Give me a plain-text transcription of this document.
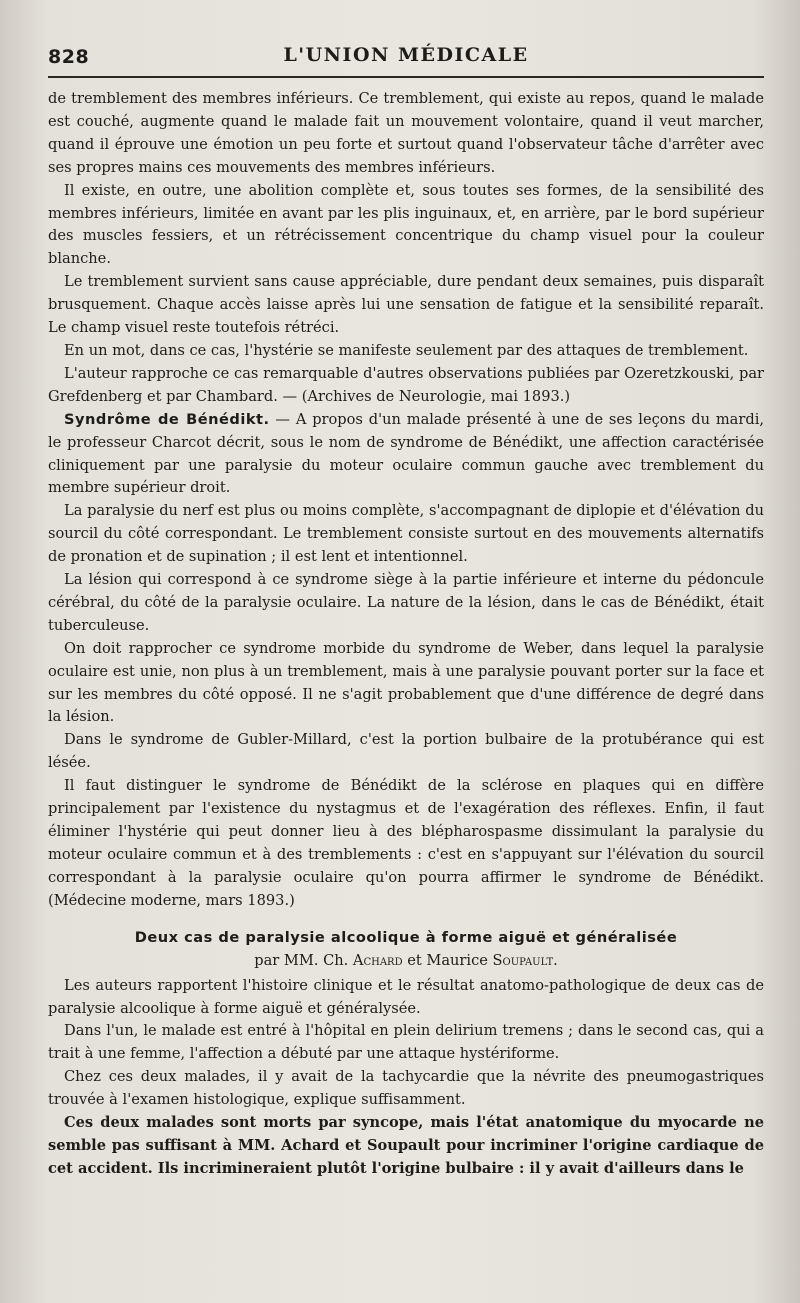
828	L'UNION MÉDICALE

de tremblement des membres inférieurs. Ce tremblement, qui existe au repos, quand le malade est couché, augmente quand le malade fait un mouvement volontaire, quand il veut marcher, quand il éprouve une émotion un peu forte et surtout quand l'observateur tâche d'arrêter avec ses propres mains ces mouvements des membres inférieurs.

Il existe, en outre, une abolition complète et, sous toutes ses formes, de la sensibilité des membres inférieurs, limitée en avant par les plis inguinaux, et, en arrière, par le bord supérieur des muscles fessiers, et un rétrécissement concentrique du champ visuel pour la couleur blanche.

Le tremblement survient sans cause appréciable, dure pendant deux semaines, puis disparaît brusquement. Chaque accès laisse après lui une sensation de fatigue et la sensibilité reparaît. Le champ visuel reste toutefois rétréci.

En un mot, dans ce cas, l'hystérie se manifeste seulement par des attaques de tremblement.

L'auteur rapproche ce cas remarquable d'autres observations publiées par Ozeretzkouski, par Grefdenberg et par Chambard. — (Archives de Neurologie, mai 1893.)

Syndrôme de Bénédikt. — A propos d'un malade présenté à une de ses leçons du mardi, le professeur Charcot décrit, sous le nom de syndrome de Bénédikt, une affection caractérisée cliniquement par une paralysie du moteur oculaire commun gauche avec tremblement du membre supérieur droit.

La paralysie du nerf est plus ou moins complète, s'accompagnant de diplopie et d'élévation du sourcil du côté correspondant. Le tremblement consiste surtout en des mouvements alternatifs de pronation et de supination ; il est lent et intentionnel.

La lésion qui correspond à ce syndrome siège à la partie inférieure et interne du pédoncule cérébral, du côté de la paralysie oculaire. La nature de la lésion, dans le cas de Bénédikt, était tuberculeuse.

On doit rapprocher ce syndrome morbide du syndrome de Weber, dans lequel la paralysie oculaire est unie, non plus à un tremblement, mais à une paralysie pouvant porter sur la face et sur les membres du côté opposé. Il ne s'agit probablement que d'une différence de degré dans la lésion.

Dans le syndrome de Gubler-Millard, c'est la portion bulbaire de la protubérance qui est lésée.

Il faut distinguer le syndrome de Bénédikt de la sclérose en plaques qui en diffère principalement par l'existence du nystagmus et de l'exagération des réflexes. Enfin, il faut éliminer l'hystérie qui peut donner lieu à des blépharospasme dissimulant la paralysie du moteur oculaire commun et à des tremblements : c'est en s'appuyant sur l'élévation du sourcil correspondant à la paralysie oculaire qu'on pourra affirmer le syndrome de Bénédikt. (Médecine moderne, mars 1893.)

Deux cas de paralysie alcoolique à forme aiguë et généralisée
par MM. Ch. Achard et Maurice Soupault.

Les auteurs rapportent l'histoire clinique et le résultat anatomo-pathologique de deux cas de paralysie alcoolique à forme aiguë et généralysée.

Dans l'un, le malade est entré à l'hôpital en plein delirium tremens ; dans le second cas, qui a trait à une femme, l'affection a débuté par une attaque hystériforme.

Chez ces deux malades, il y avait de la tachycardie que la névrite des pneumogastriques trouvée à l'examen histologique, explique suffisamment.

Ces deux malades sont morts par syncope, mais l'état anatomique du myocarde ne semble pas suffisant à MM. Achard et Soupault pour incriminer l'origine cardiaque de cet accident. Ils incrimineraient plutôt l'origine bulbaire : il y avait d'ailleurs dans le
